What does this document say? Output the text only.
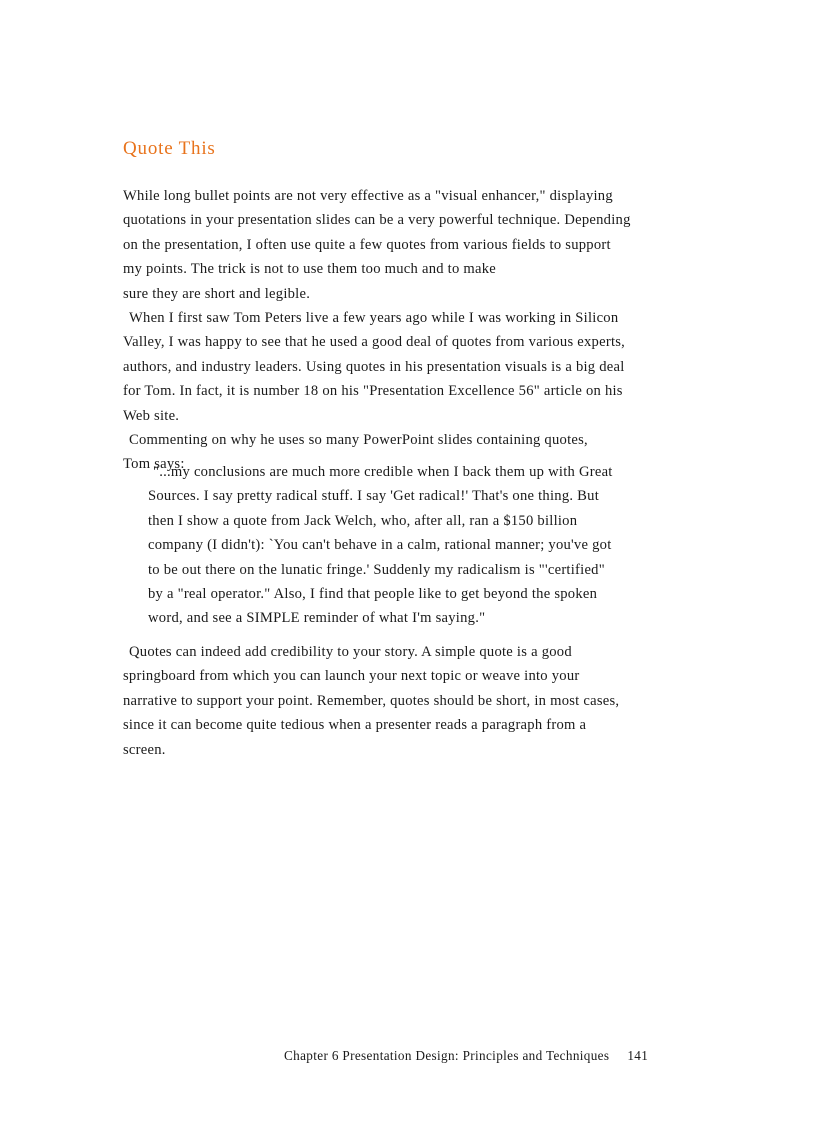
Quote This
While long bullet points are not very effective as a "visual enhancer," displaying
quotations in your presentation slides can be a very powerful technique. Depending
on the presentation, I often use quite a few quotes from various fields to support
my points. The trick is not to use them too much and to make
sure they are short and legible.
When I first saw Tom Peters live a few years ago while I was working in Silicon
Valley, I was happy to see that he used a good deal of quotes from various experts,
authors, and industry leaders. Using quotes in his presentation visuals is a big deal
for Tom. In fact, it is number 18 on his "Presentation Excellence 56" article on his
Web site.
Commenting on why he uses so many PowerPoint slides containing quotes,
Tom says:
"...my conclusions are much more credible when I back them up with Great
Sources. I say pretty radical stuff. I say 'Get radical!' That's one thing. But
then I show a quote from Jack Welch, who, after all, ran a $150 billion
company (I didn't): `You can't behave in a calm, rational manner; you've got
to be out there on the lunatic fringe.' Suddenly my radicalism is "'certified"
by a "real operator." Also, I find that people like to get beyond the spoken
word, and see a SIMPLE reminder of what I'm saying."
Quotes can indeed add credibility to your story. A simple quote is a good
springboard from which you can launch your next topic or weave into your
narrative to support your point. Remember, quotes should be short, in most cases,
since it can become quite tedious when a presenter reads a paragraph from a
screen.
Chapter 6 Presentation Design: Principles and Techniques 141
